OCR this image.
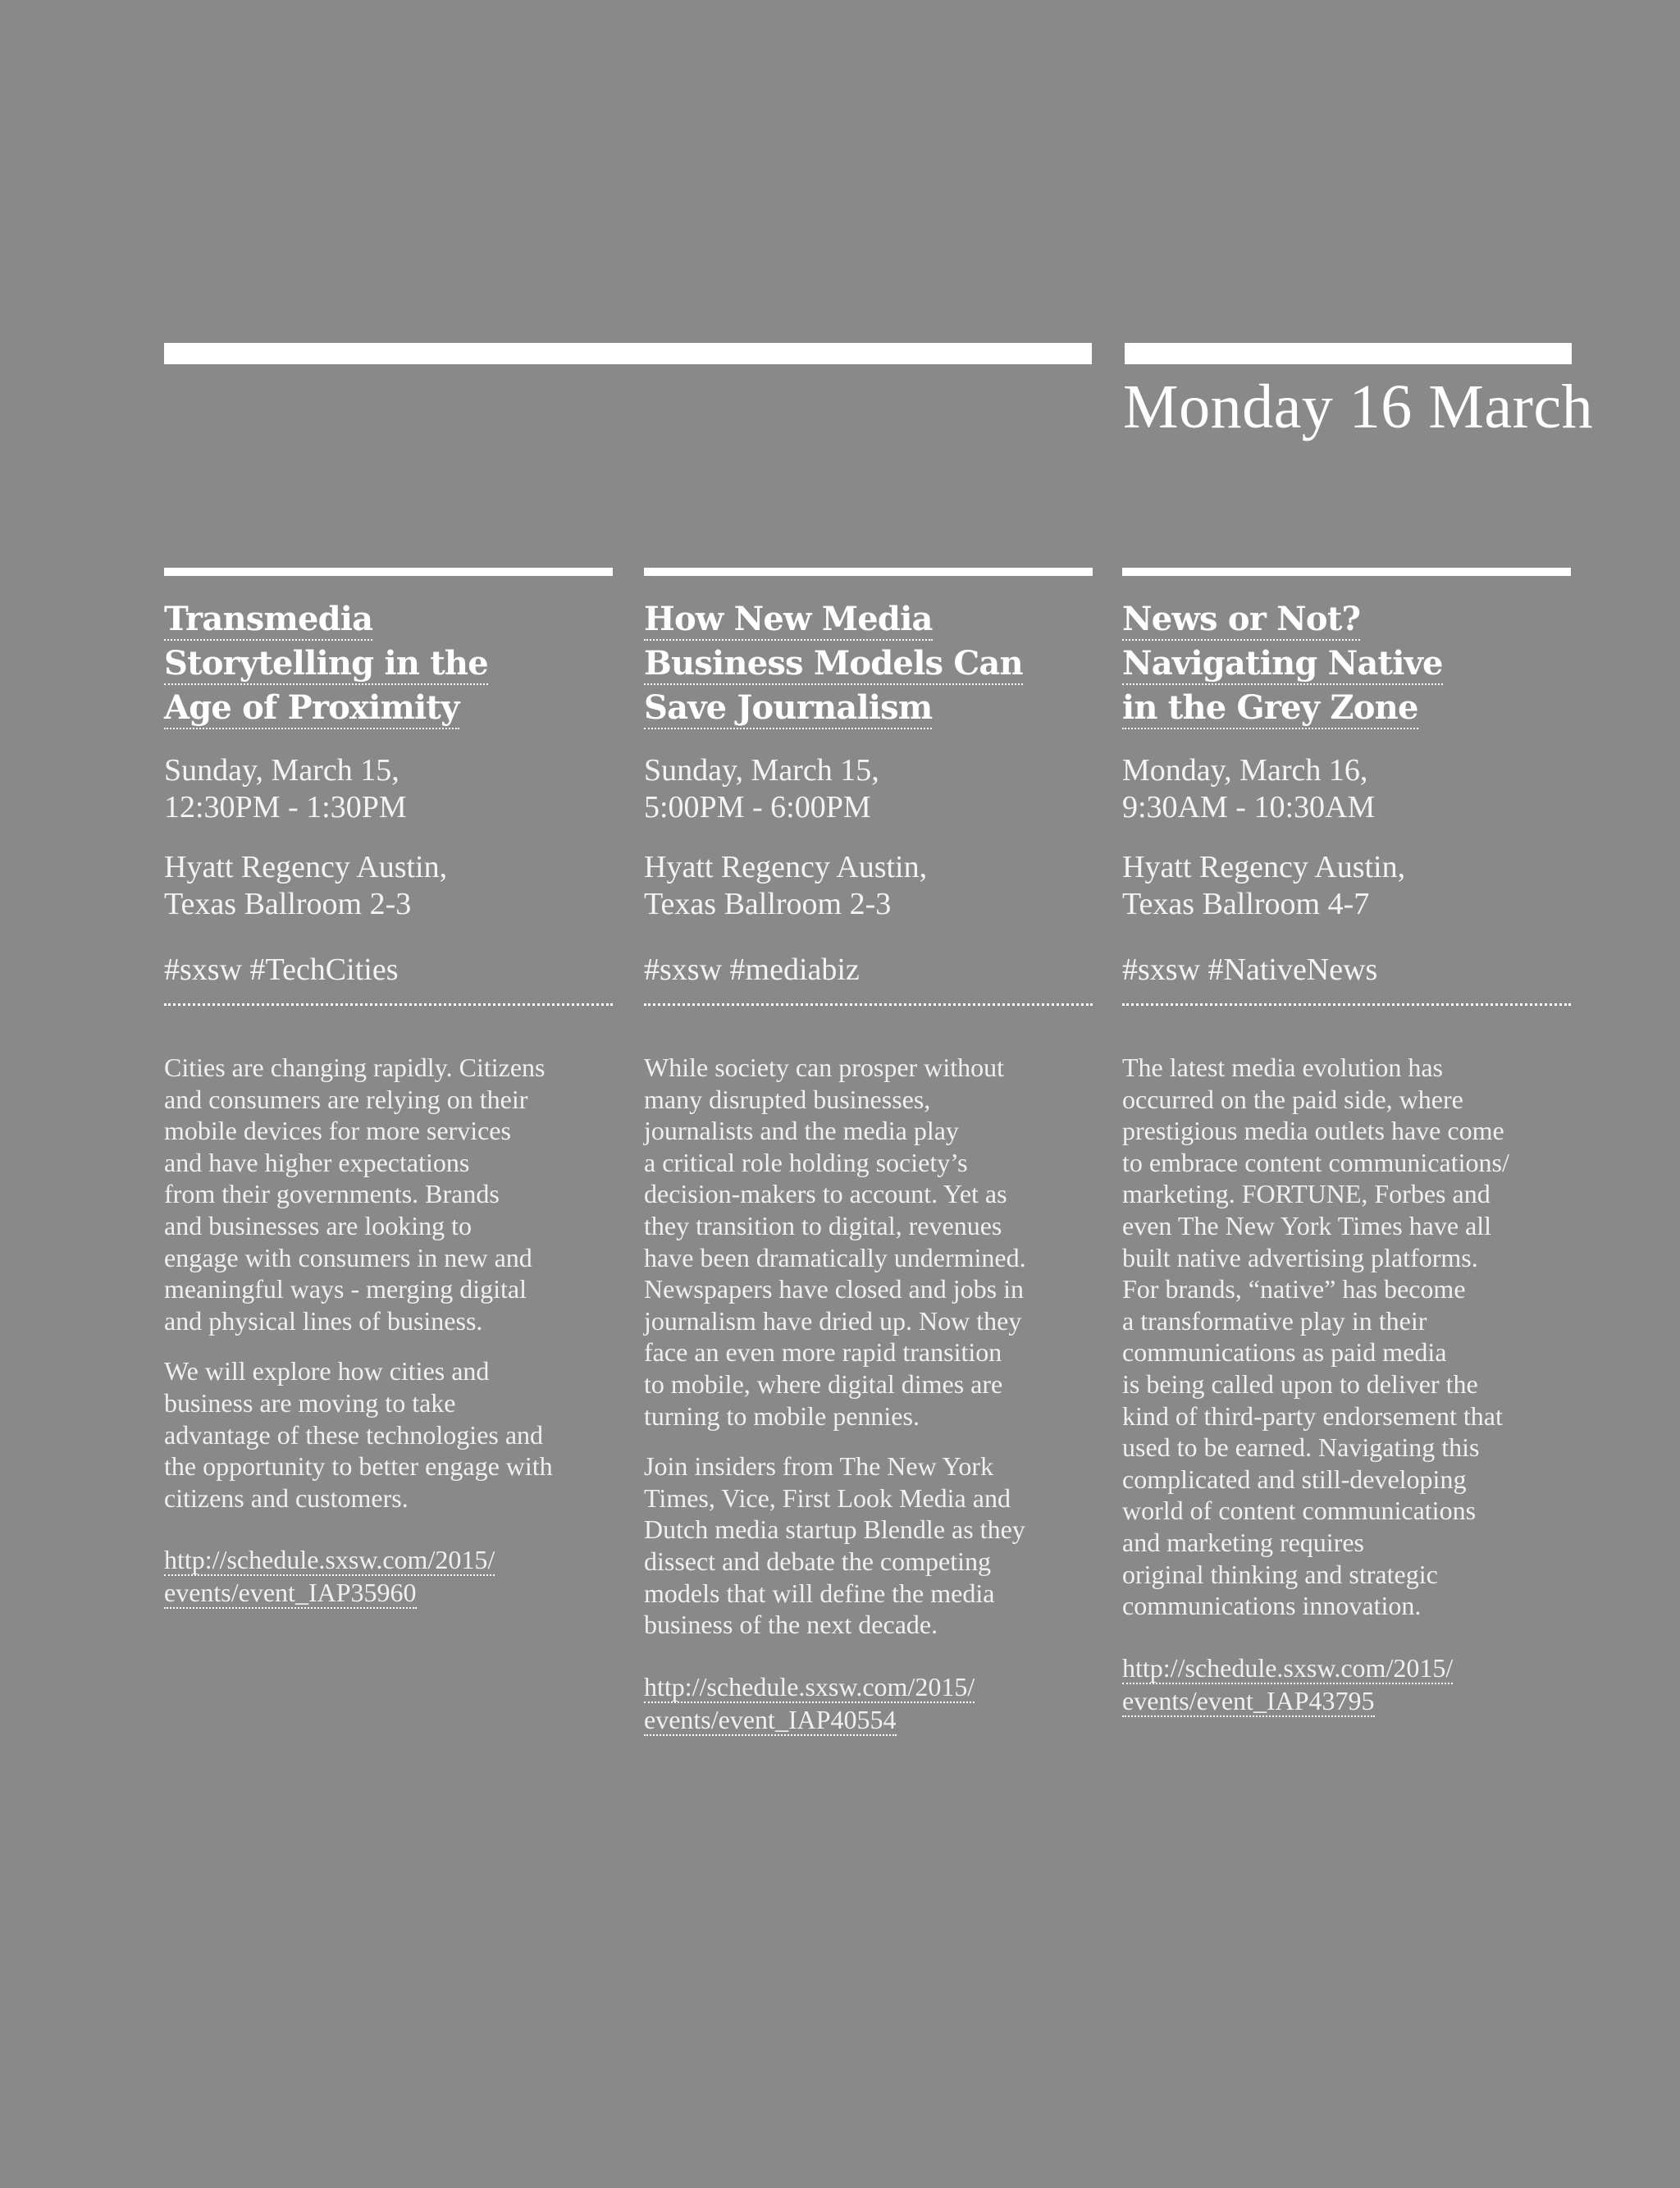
Monday 16 March
Transmedia
Storytelling in the
Age of Proximity

Sunday, March 15,
12:30PM - 1:30PM

Hyatt Regency Austin,
Texas Ballroom 2-3

#sxsw #TechCities

Cities are changing rapidly. Citizens
and consumers are relying on their
mobile devices for more services
and have higher expectations
from their governments. Brands
and businesses are looking to
engage with consumers in new and
meaningful ways - merging digital
and physical lines of business.

We will explore how cities and
business are moving to take
advantage of these technologies and
the opportunity to better engage with
citizens and customers.

http://schedule.sxsw.com/2015/
events/event_IAP35960
How New Media
Business Models Can
Save Journalism

Sunday, March 15,
5:00PM - 6:00PM

Hyatt Regency Austin,
Texas Ballroom 2-3

#sxsw #mediabiz

While society can prosper without
many disrupted businesses,
journalists and the media play
a critical role holding society’s
decision-makers to account. Yet as
they transition to digital, revenues
have been dramatically undermined.
Newspapers have closed and jobs in
journalism have dried up. Now they
face an even more rapid transition
to mobile, where digital dimes are
turning to mobile pennies.

Join insiders from The New York
Times, Vice, First Look Media and
Dutch media startup Blendle as they
dissect and debate the competing
models that will define the media
business of the next decade.

http://schedule.sxsw.com/2015/
events/event_IAP40554
News or Not?
Navigating Native
in the Grey Zone

Monday, March 16,
9:30AM - 10:30AM

Hyatt Regency Austin,
Texas Ballroom 4-7

#sxsw #NativeNews

The latest media evolution has
occurred on the paid side, where
prestigious media outlets have come
to embrace content communications/
marketing. FORTUNE, Forbes and
even The New York Times have all
built native advertising platforms.
For brands, “native” has become
a transformative play in their
communications as paid media
is being called upon to deliver the
kind of third-party endorsement that
used to be earned. Navigating this
complicated and still-developing
world of content communications
and marketing requires
original thinking and strategic
communications innovation.

http://schedule.sxsw.com/2015/
events/event_IAP43795
